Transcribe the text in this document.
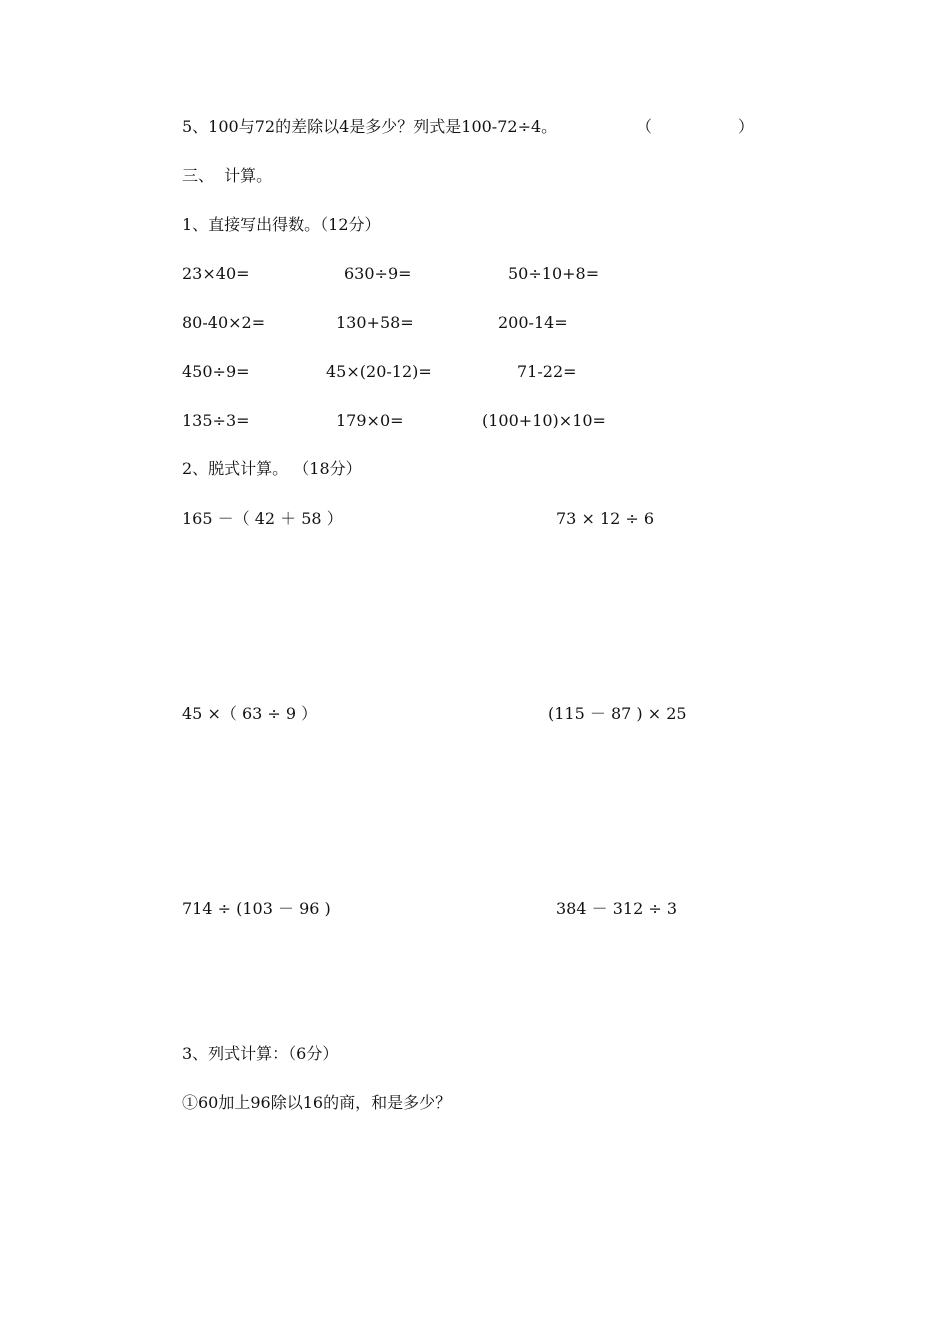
5、100与72的差除以4是多少？列式是100-72÷4。	（	）
三、  计算。
1、直接写出得数。（12分）
23×40=	630÷9=	50÷10+8=
80-40×2=	130+58=	200-14=
450÷9=	45×(20-12)=	71-22=
135÷3=	179×0=	(100+10)×10=
2、脱式计算。 （18分）
165 －（ 42 ＋ 58 ）	73 × 12 ÷ 6
45 ×（ 63 ÷ 9 ）	(115 － 87 ) × 25
714 ÷ (103 － 96 )	384 － 312 ÷ 3
3、列式计算：（6分）
①60加上96除以16的商，和是多少？
